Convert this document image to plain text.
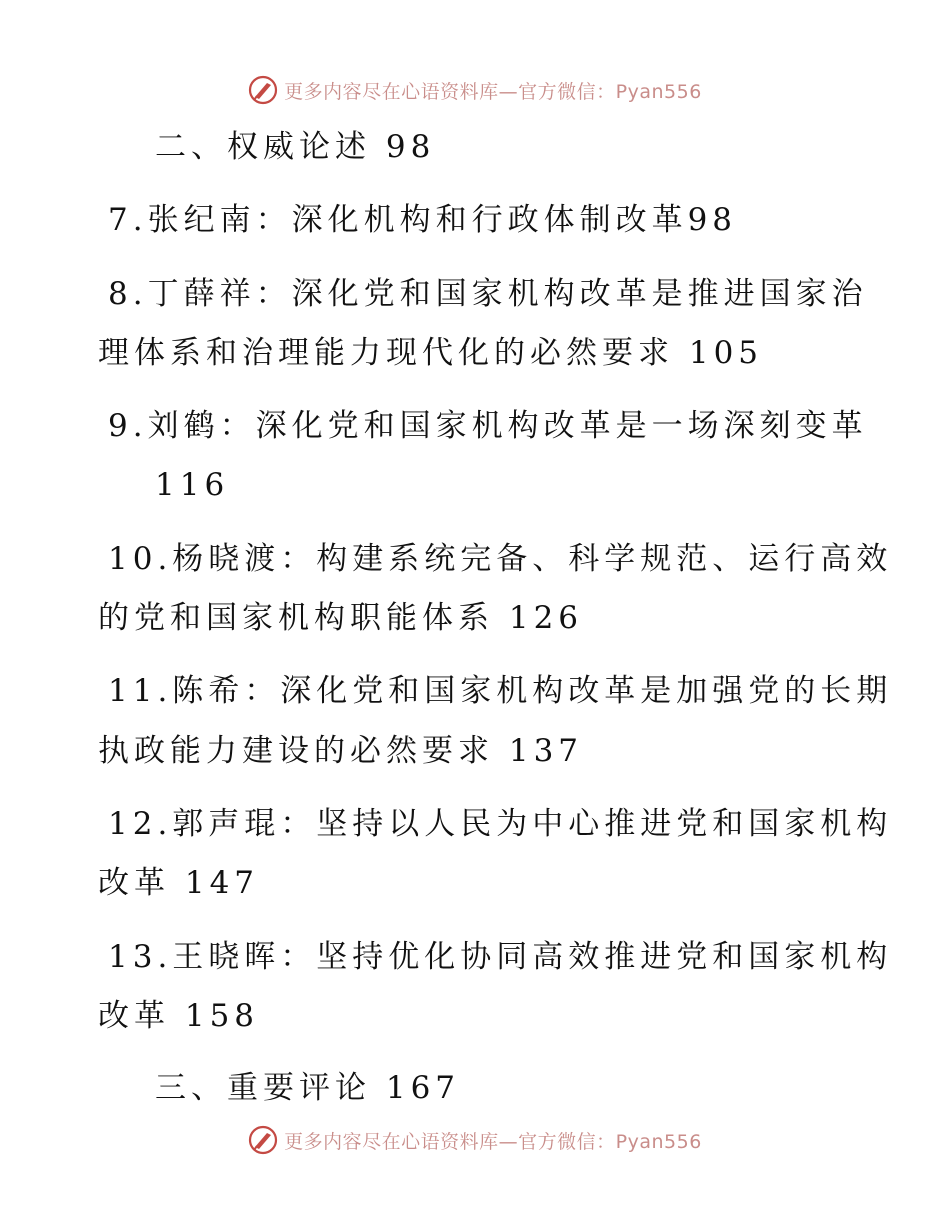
更多内容尽在心语资料库—官方微信：Pyan556
二、权威论述 98
7.张纪南：深化机构和行政体制改革98
8.丁薛祥：深化党和国家机构改革是推进国家治
理体系和治理能力现代化的必然要求 105
9.刘鹤：深化党和国家机构改革是一场深刻变革
116
10.杨晓渡：构建系统完备、科学规范、运行高效
的党和国家机构职能体系 126
11.陈希：深化党和国家机构改革是加强党的长期
执政能力建设的必然要求 137
12.郭声琨：坚持以人民为中心推进党和国家机构
改革 147
13.王晓晖：坚持优化协同高效推进党和国家机构
改革 158
三、重要评论 167
更多内容尽在心语资料库—官方微信：Pyan556
